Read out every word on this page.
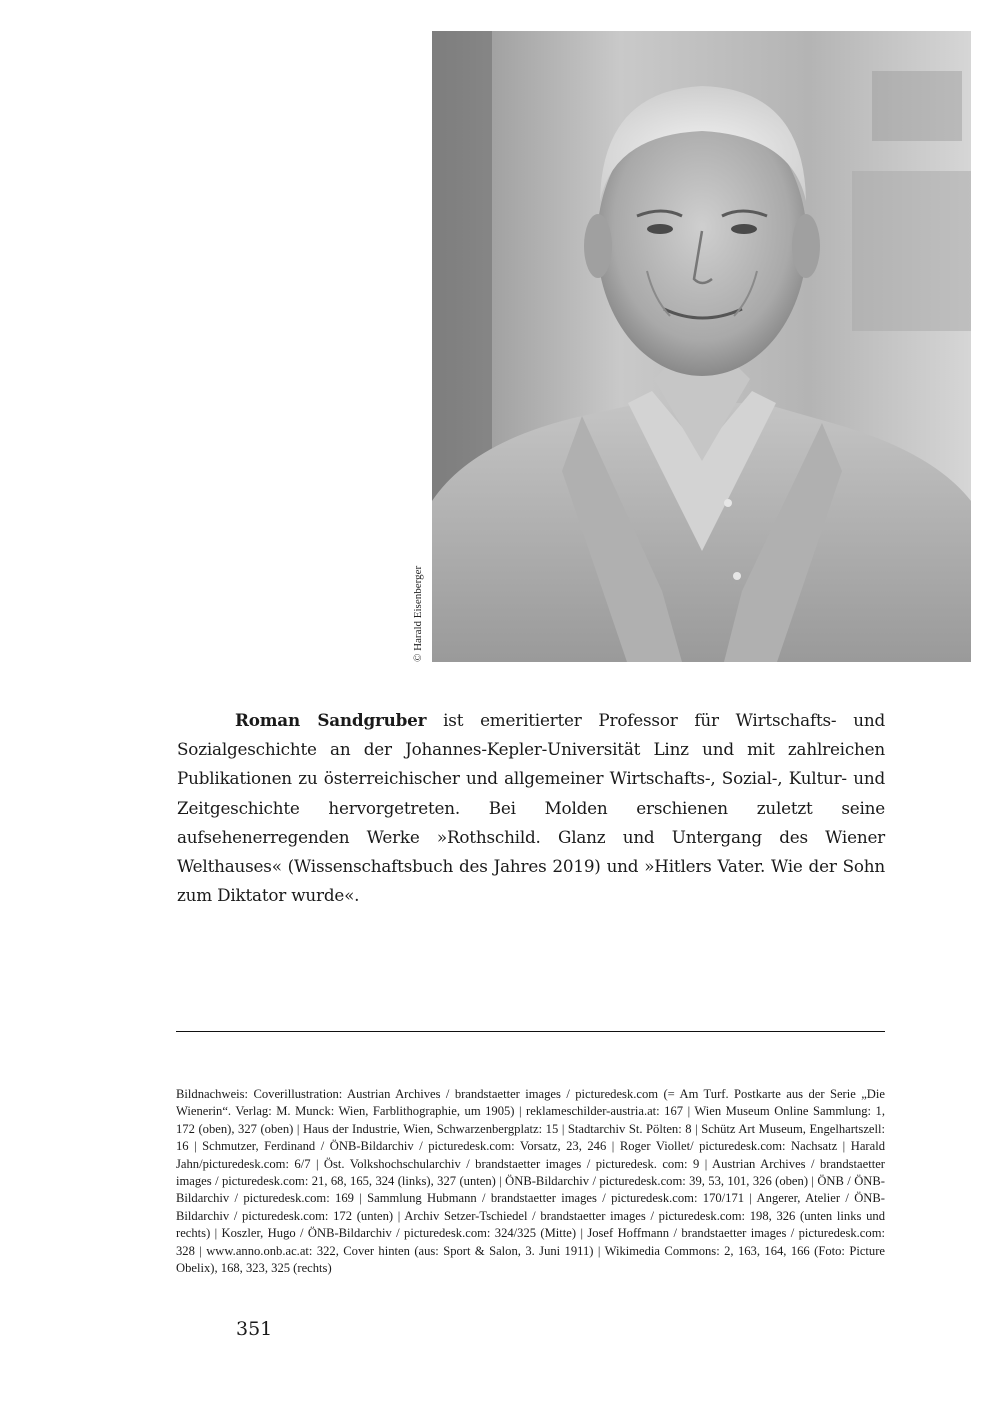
© Harald Eisenberger

Roman Sandgruber ist emeritierter Professor für Wirtschafts- und Sozialgeschichte an der Johannes-Kepler-Universität Linz und mit zahlreichen Publikationen zu österreichischer und allgemeiner Wirtschafts-, Sozial-, Kultur- und Zeitgeschichte hervorgetreten. Bei Molden erschienen zuletzt seine aufsehenerregenden Werke »Rothschild. Glanz und Untergang des Wiener Welthauses« (Wissenschaftsbuch des Jahres 2019) und »Hitlers Vater. Wie der Sohn zum Diktator wurde«.

Bildnachweis: Coverillustration: Austrian Archives / brandstaetter images / picturedesk.com (= Am Turf. Postkarte aus der Serie „Die Wienerin“. Verlag: M. Munck: Wien, Farblithographie, um 1905) | reklameschilder-austria.at: 167 | Wien Museum Online Sammlung: 1, 172 (oben), 327 (oben) | Haus der Industrie, Wien, Schwarzenbergplatz: 15 | Stadtarchiv St. Pölten: 8 | Schütz Art Museum, Engelhartszell: 16 | Schmutzer, Ferdinand / ÖNB-Bildarchiv / picturedesk.com: Vorsatz, 23, 246 | Roger Viollet/ picturedesk.com: Nachsatz | Harald Jahn/picturedesk.com: 6/7 | Öst. Volkshochschularchiv / brandstaetter images / picturedesk. com: 9 | Austrian Archives / brandstaetter images / picturedesk.com: 21, 68, 165, 324 (links), 327 (unten) | ÖNB-Bildarchiv / picturedesk.com: 39, 53, 101, 326 (oben) | ÖNB / ÖNB-Bildarchiv / picturedesk.com: 169 | Sammlung Hubmann / brandstaetter images / picturedesk.com: 170/171 | Angerer, Atelier / ÖNB-Bildarchiv / picturedesk.com: 172 (unten) | Archiv Setzer-Tschiedel / brandstaetter images / picturedesk.com: 198, 326 (unten links und rechts) | Koszler, Hugo / ÖNB-Bildarchiv / picturedesk.com: 324/325 (Mitte) | Josef Hoffmann / brandstaetter images / picturedesk.com: 328 | www.anno.onb.ac.at: 322, Cover hinten (aus: Sport & Salon, 3. Juni 1911) | Wikimedia Commons: 2, 163, 164, 166 (Foto: Picture Obelix), 168, 323, 325 (rechts)

351
